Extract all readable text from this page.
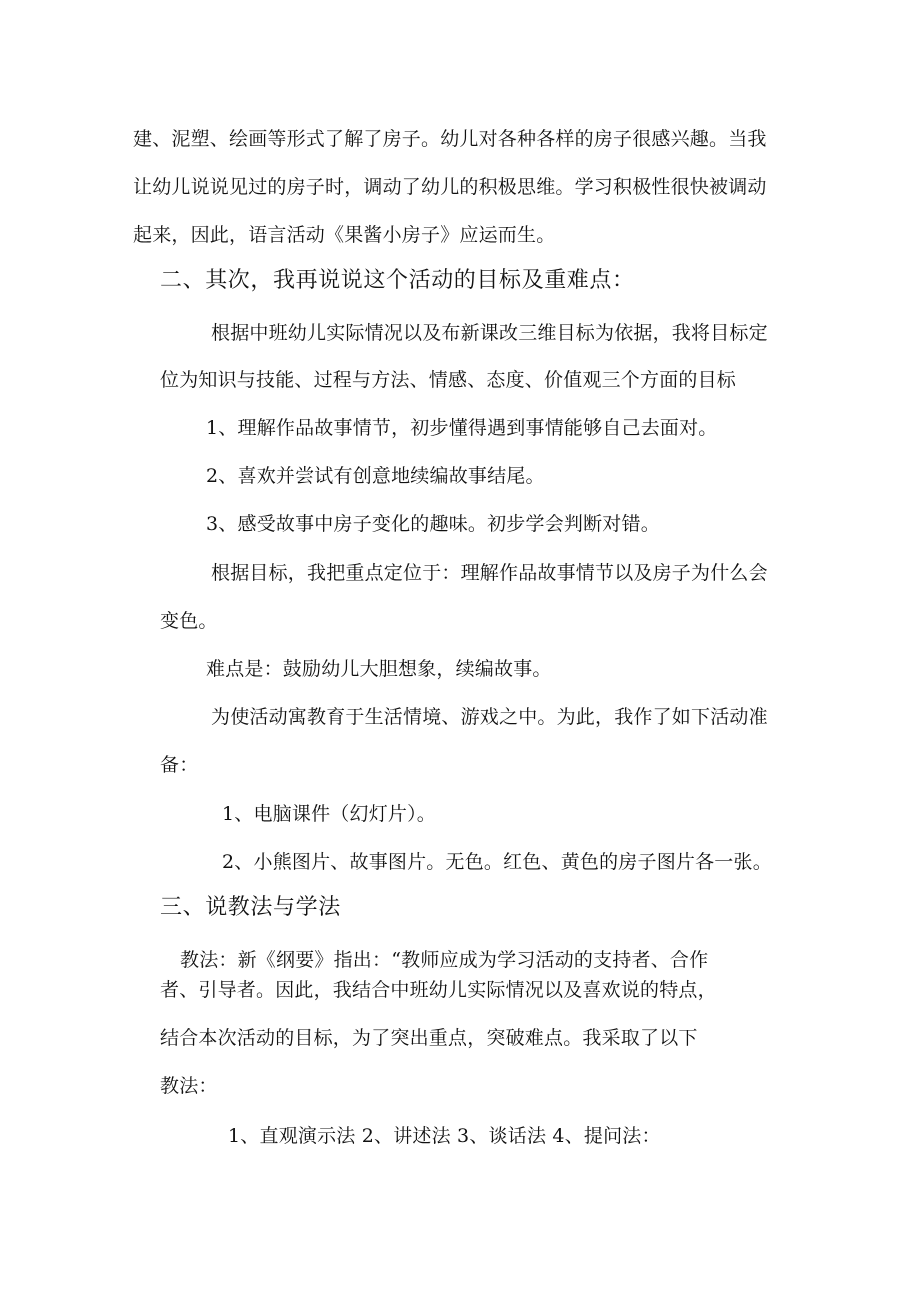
建、泥塑、绘画等形式了解了房子。幼儿对各种各样的房子很感兴趣。当我

让幼儿说说见过的房子时，调动了幼儿的积极思维。学习积极性很快被调动

起来，因此，语言活动《果酱小房子》应运而生。

二、其次，我再说说这个活动的目标及重难点：

根据中班幼儿实际情况以及布新课改三维目标为依据，我将目标定

位为知识与技能、过程与方法、情感、态度、价值观三个方面的目标

1、理解作品故事情节，初步懂得遇到事情能够自己去面对。

2、喜欢并尝试有创意地续编故事结尾。

3、感受故事中房子变化的趣味。初步学会判断对错。

根据目标，我把重点定位于：理解作品故事情节以及房子为什么会

变色。

难点是：鼓励幼儿大胆想象，续编故事。

为使活动寓教育于生活情境、游戏之中。为此，我作了如下活动准

备：

1、电脑课件（幻灯片）。

2、小熊图片、故事图片。无色。红色、黄色的房子图片各一张。

三、说教法与学法

教法：新《纲要》指出：“教师应成为学习活动的支持者、合作

者、引导者。因此，我结合中班幼儿实际情况以及喜欢说的特点，

结合本次活动的目标，为了突出重点，突破难点。我采取了以下

教法：

1、直观演示法 2、讲述法 3、谈话法 4、提问法：
